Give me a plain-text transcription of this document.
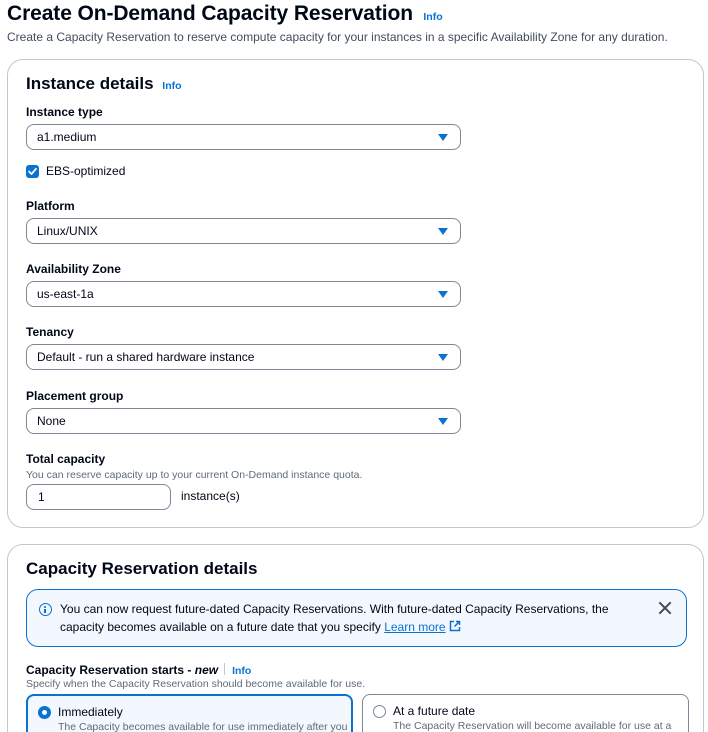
Create On-Demand Capacity Reservation Info
Create a Capacity Reservation to reserve compute capacity for your instances in a specific Availability Zone for any duration.
Instance details Info
Instance type
a1.medium
EBS-optimized
Platform
Linux/UNIX
Availability Zone
us-east-1a
Tenancy
Default - run a shared hardware instance
Placement group
None
Total capacity
You can reserve capacity up to your current On-Demand instance quota.
1	instance(s)
Capacity Reservation details
You can now request future-dated Capacity Reservations. With future-dated Capacity Reservations, the capacity becomes available on a future date that you specify Learn more
Capacity Reservation starts - new Info
Specify when the Capacity Reservation should become available for use.
Immediately
The Capacity becomes available for use immediately after you
At a future date
The Capacity Reservation will become available for use at a
